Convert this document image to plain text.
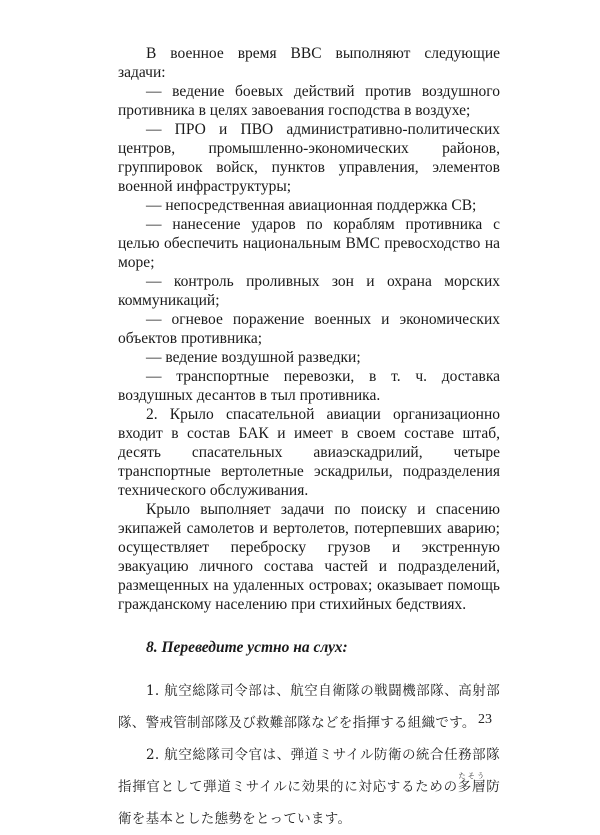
В военное время ВВС выполняют следующие задачи:

— ведение боевых действий против воздушного противника в целях завоевания господства в воздухе;

— ПРО и ПВО административно-политических центров, промышленно-экономических районов, группировок войск, пунктов управления, элементов военной инфраструктуры;

— непосредственная авиационная поддержка СВ;

— нанесение ударов по кораблям противника с целью обеспечить национальным ВМС превосходство на море;

— контроль проливных зон и охрана морских коммуникаций;

— огневое поражение военных и экономических объектов противника;

— ведение воздушной разведки;

— транспортные перевозки, в т. ч. доставка воздушных десантов в тыл противника.

2. Крыло спасательной авиации организационно входит в состав БАК и имеет в своем составе штаб, десять спасательных авиаэскадрилий, четыре транспортные вертолетные эскадрильи, подразделения технического обслуживания.

Крыло выполняет задачи по поиску и спасению экипажей самолетов и вертолетов, потерпевших аварию; осуществляет переброску грузов и экстренную эвакуацию личного состава частей и подразделений, размещенных на удаленных островах; оказывает помощь гражданскому населению при стихийных бедствиях.

8. Переведите устно на слух:

1. 航空総隊司令部は、航空自衛隊の戦闘機部隊、高射部隊、警戒管制部隊及び救難部隊などを指揮する組織です。

2. 航空総隊司令官は、弾道ミサイル防衛の統合任務部隊指揮官として弾道ミサイルに効果的に対応するための多層たそう防衛を基本とした態勢をとっています。

23
